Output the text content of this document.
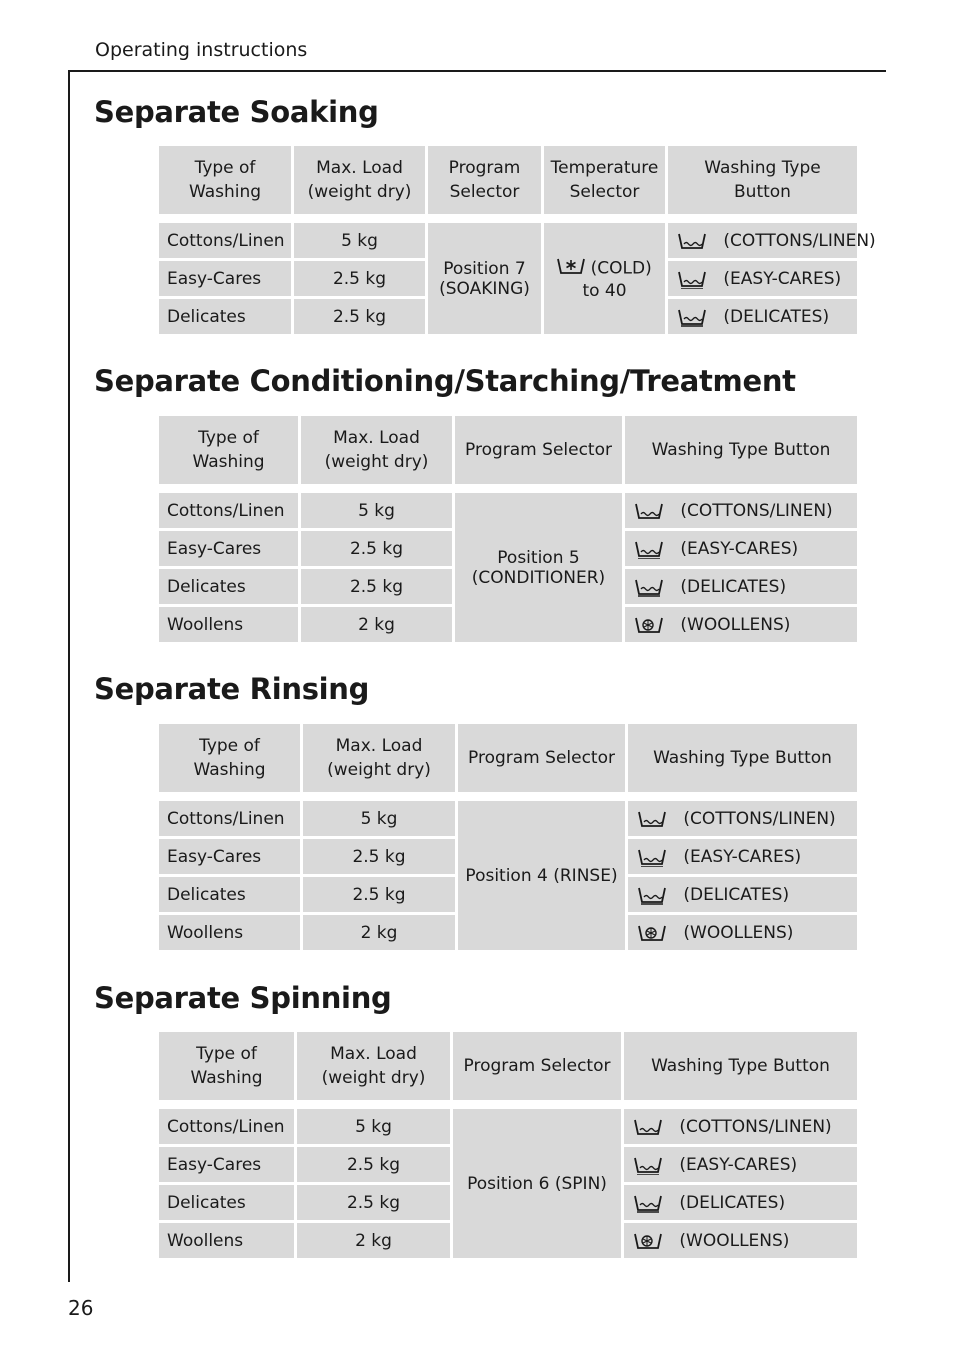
Operating instructions
Separate Soaking
Type of Washing	Max. Load (weight dry)	Program Selector	Temperature Selector	Washing Type Button

Cottons/Linen	5 kg	Position 7 (SOAKING)	(COLD) to 40	(COTTONS/LINEN)
Easy-Cares	2.5 kg			(EASY-CARES)
Delicates	2.5 kg			(DELICATES)
Separate Conditioning/Starching/Treatment
Type of Washing	Max. Load (weight dry)	Program Selector	Washing Type Button

Cottons/Linen	5 kg	Position 5 (CONDITIONER)	(COTTONS/LINEN)
Easy-Cares	2.5 kg		(EASY-CARES)
Delicates	2.5 kg		(DELICATES)
Woollens	2 kg		(WOOLLENS)
Separate Rinsing
Type of Washing	Max. Load (weight dry)	Program Selector	Washing Type Button

Cottons/Linen	5 kg	Position 4 (RINSE)	(COTTONS/LINEN)
Easy-Cares	2.5 kg		(EASY-CARES)
Delicates	2.5 kg		(DELICATES)
Woollens	2 kg		(WOOLLENS)
Separate Spinning
Type of Washing	Max. Load (weight dry)	Program Selector	Washing Type Button

Cottons/Linen	5 kg	Position 6 (SPIN)	(COTTONS/LINEN)
Easy-Cares	2.5 kg		(EASY-CARES)
Delicates	2.5 kg		(DELICATES)
Woollens	2 kg		(WOOLLENS)
26
